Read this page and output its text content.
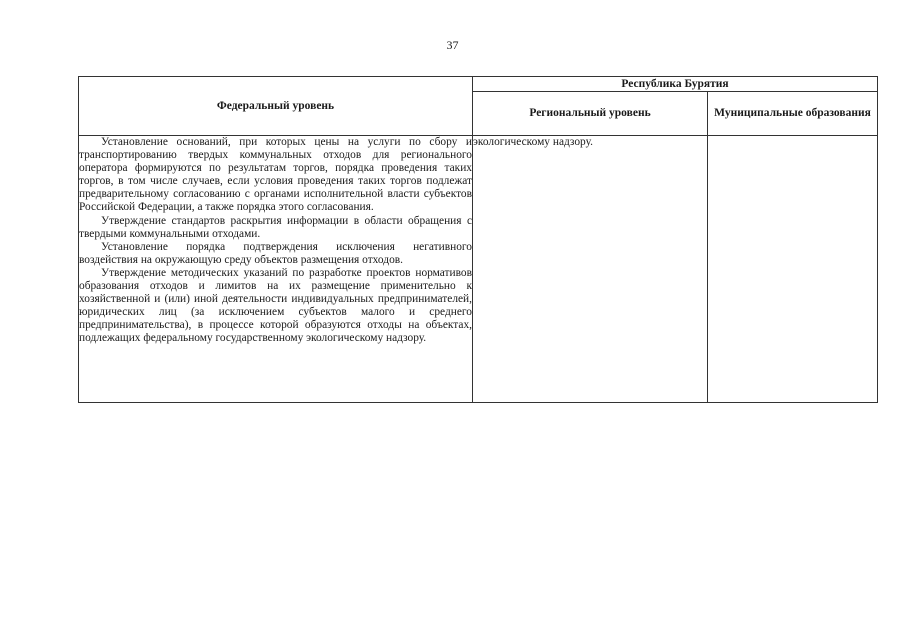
37
Федеральный уровень	Республика Бурятия	
	Региональный уровень	Муниципальные образования

Установление оснований, при которых цены на услуги по сбору и транспортированию твердых коммунальных отходов для регионального оператора формируются по результатам торгов, порядка проведения таких торгов, в том числе случаев, если условия проведения таких торгов подлежат предварительному согласованию с органами исполнительной власти субъектов Российской Федерации, а также порядка этого согласования.

Утверждение стандартов раскрытия информации в области обращения с твердыми коммунальными отходами.

Установление порядка подтверждения исключения негативного воздействия на окружающую среду объектов размещения отходов.

Утверждение методических указаний по разработке проектов нормативов образования отходов и лимитов на их размещение применительно к хозяйственной и (или) иной деятельности индивидуальных предпринимателей, юридических лиц (за исключением субъектов малого и среднего предпринимательства), в процессе которой образуются отходы на объектах, подлежащих федеральному государственному экологическому надзору.	экологическому надзору.	
